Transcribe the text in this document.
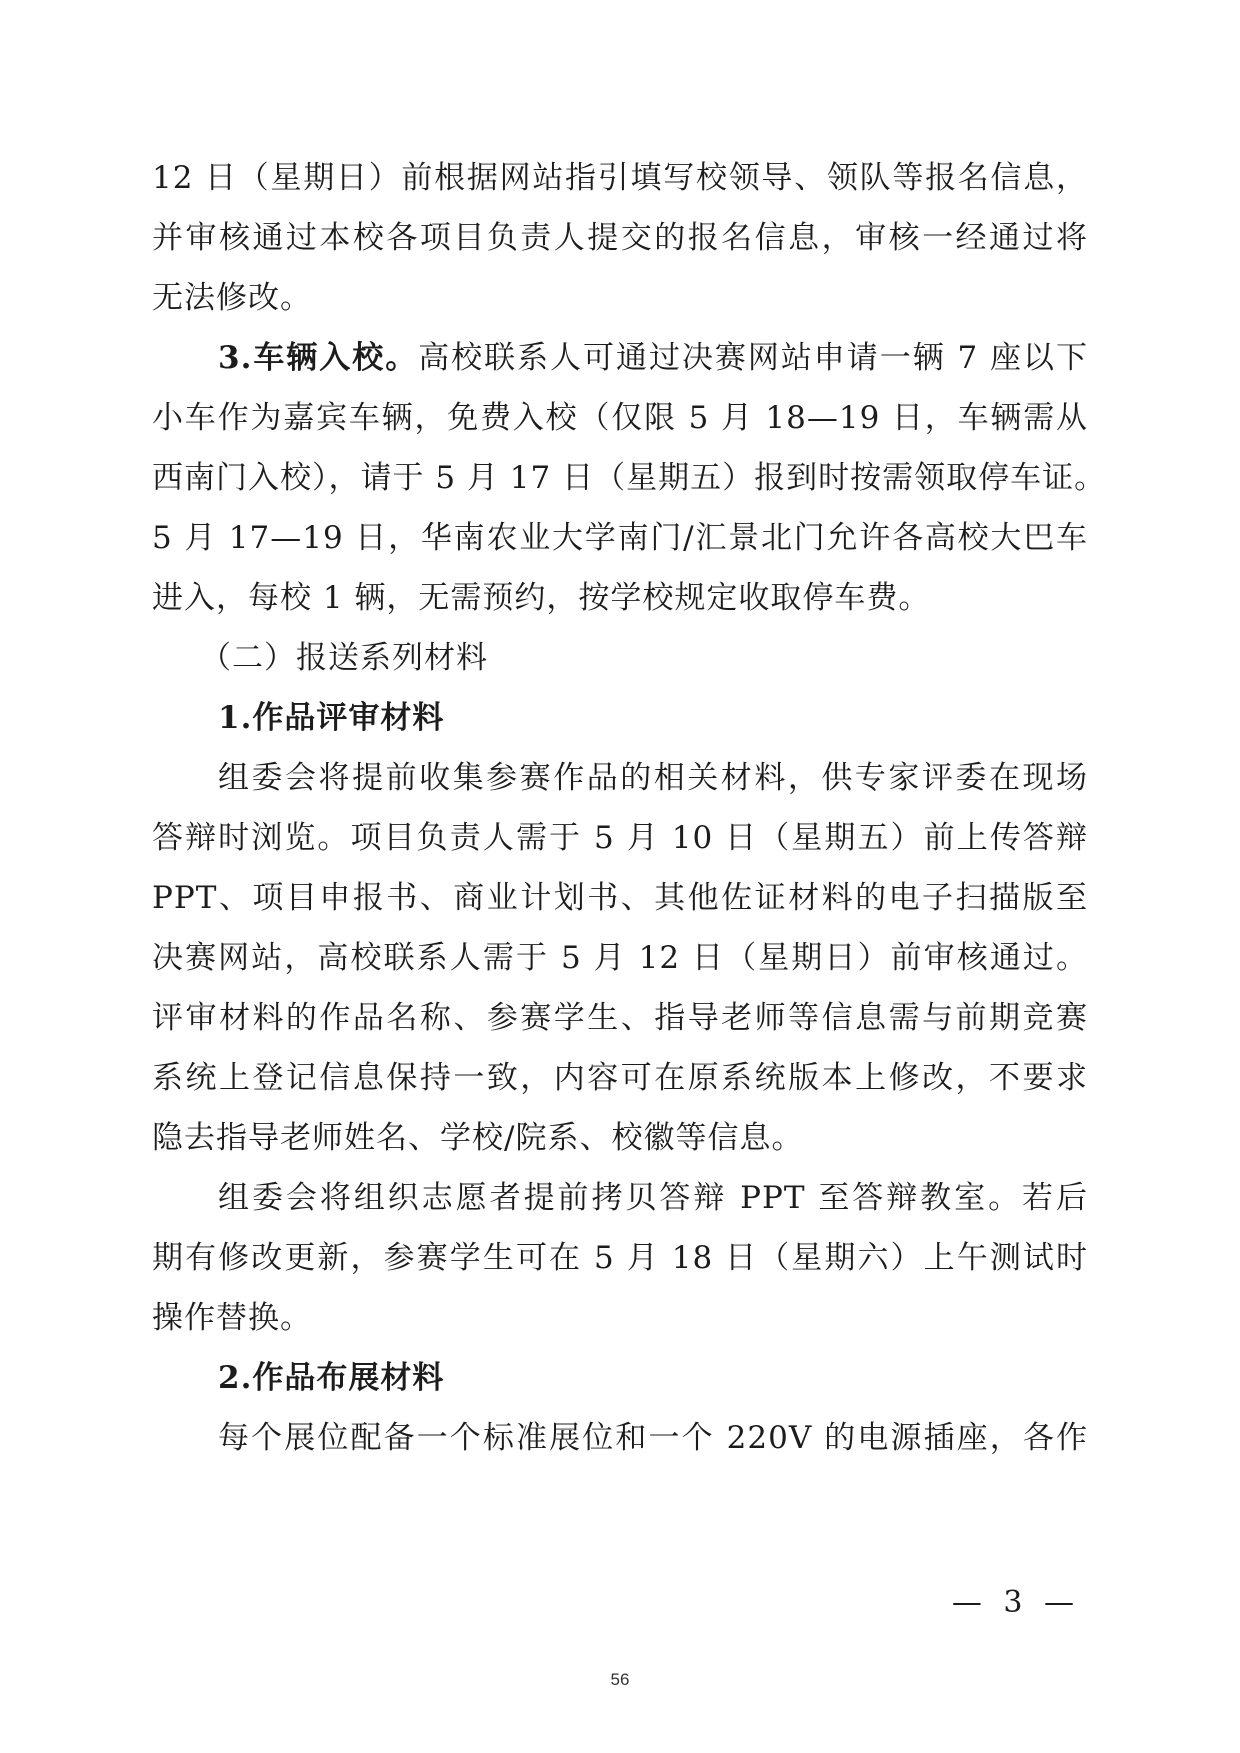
12 日（星期日）前根据网站指引填写校领导、领队等报名信息，
并审核通过本校各项目负责人提交的报名信息，审核一经通过将
无法修改。
3.车辆入校。高校联系人可通过决赛网站申请一辆 7 座以下
小车作为嘉宾车辆，免费入校（仅限 5 月 18—19 日，车辆需从
西南门入校），请于 5 月 17 日（星期五）报到时按需领取停车证。
5 月 17—19 日，华南农业大学南门/汇景北门允许各高校大巴车
进入，每校 1 辆，无需预约，按学校规定收取停车费。
（二）报送系列材料
1.作品评审材料
组委会将提前收集参赛作品的相关材料，供专家评委在现场
答辩时浏览。项目负责人需于 5 月 10 日（星期五）前上传答辩
PPT、项目申报书、商业计划书、其他佐证材料的电子扫描版至
决赛网站，高校联系人需于 5 月 12 日（星期日）前审核通过。
评审材料的作品名称、参赛学生、指导老师等信息需与前期竞赛
系统上登记信息保持一致，内容可在原系统版本上修改，不要求
隐去指导老师姓名、学校/院系、校徽等信息。
组委会将组织志愿者提前拷贝答辩 PPT 至答辩教室。若后
期有修改更新，参赛学生可在 5 月 18 日（星期六）上午测试时
操作替换。
2.作品布展材料
每个展位配备一个标准展位和一个 220V 的电源插座，各作
— 3 —
56
